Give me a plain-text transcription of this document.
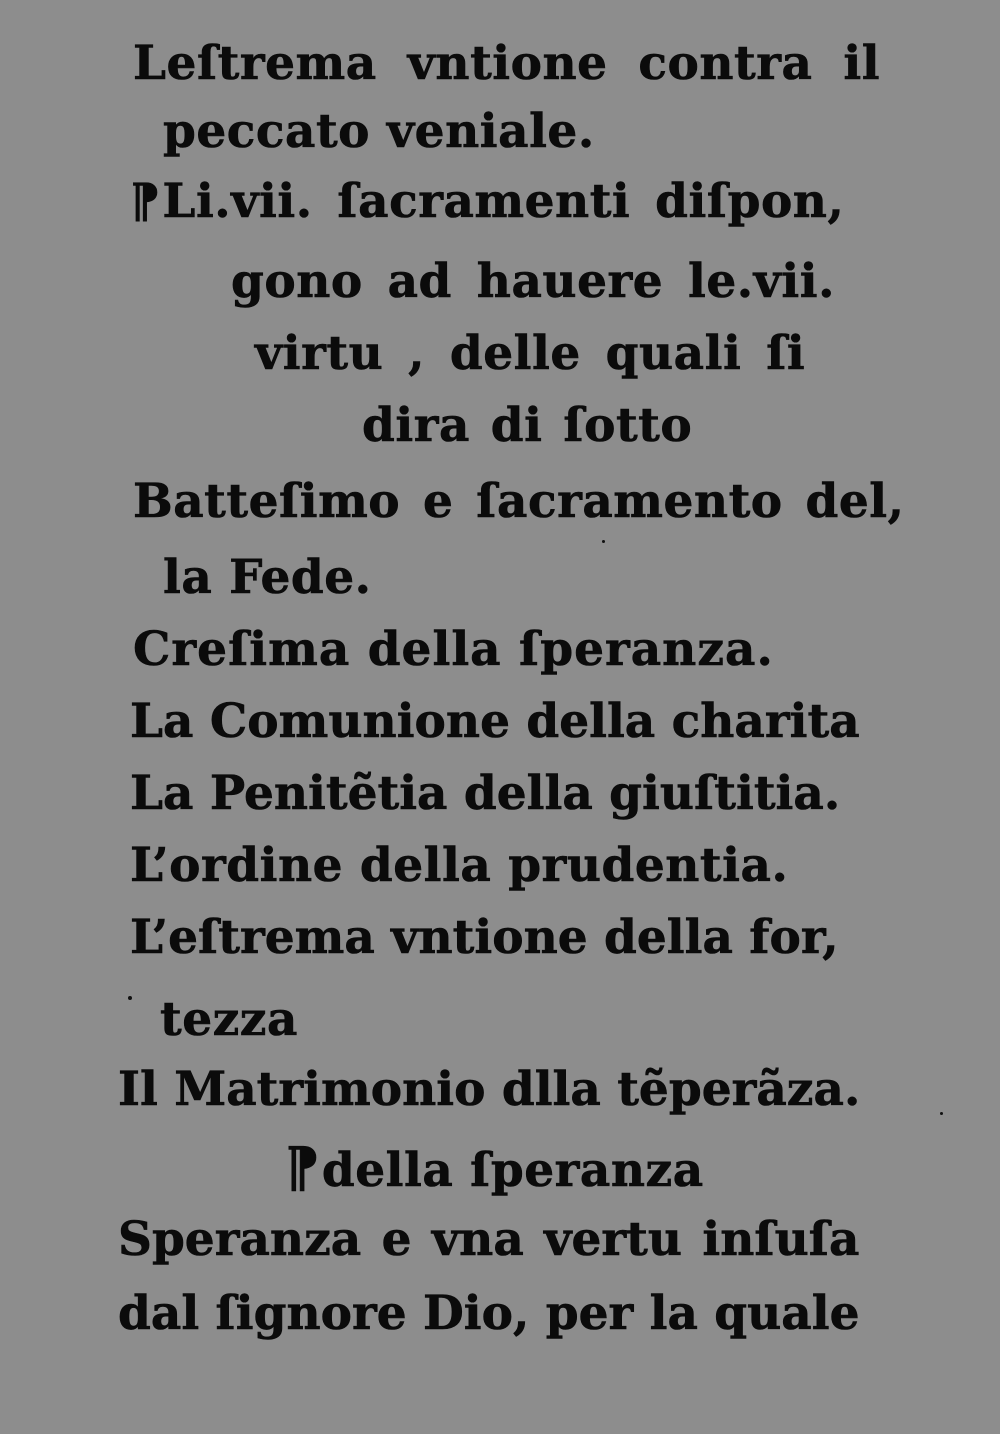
Leſtrema vntione contra il
peccato veniale.
¶Li.vii. ſacramenti diſpon,
gono ad hauere le.vii.
virtu , delle quali ſi
dira di ſotto
Batteſimo e ſacramento del,
la Fede.
Creſima della ſperanza.
La Comunione della charita
La Penitẽtia della giuſtitia.
L’ordine della prudentia.
L’eſtrema vntione della for,
tezza
Il Matrimonio dlla tẽperãza.
¶della ſperanza
Speranza e vna vertu inſuſa
dal ſignore Dio, per la quale
